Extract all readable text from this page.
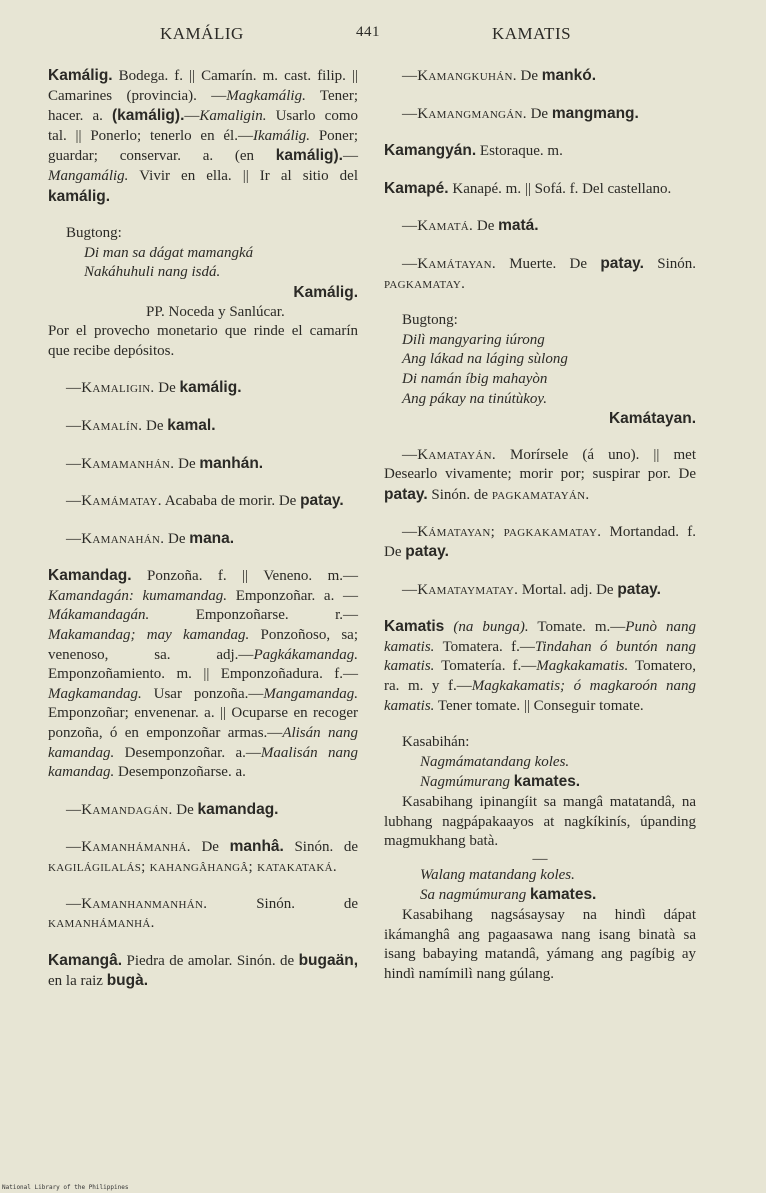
KAMÁLIG	441	KAMATIS

Kamálig. Bodega. f. || Camarín. m. cast. filip. || Camarines (provincia). —Magkamálig. Tener; hacer. a. (kamálig).—Kamaligin. Usarlo como tal. || Ponerlo; tenerlo en él.—Ikamálig. Poner; guardar; conservar. a. (en kamálig).—Mangamálig. Vivir en ella. || Ir al sitio del kamálig.

Bugtong:
Di man sa dágat mamangká
Nakáhuhuli nang isdá.
Kamálig.
PP. Noceda y Sanlúcar.

Por el provecho monetario que rinde el camarín que recibe depósitos.

—Kamaligin. De kamálig.

—Kamalín. De kamal.

—Kamamanhán. De manhán.

—Kamámatay. Acababa de morir. De patay.

—Kamanahán. De mana.

Kamandag. Ponzoña. f. || Veneno. m.—Kamandagán: kumamandag. Emponzoñar. a. — Mákamandagán. Emponzoñarse. r.—Makamandag; may kamandag. Ponzoñoso, sa; venenoso, sa. adj.—Pagkákamandag. Emponzoñamiento. m. || Emponzoñadura. f.—Magkamandag. Usar ponzoña.—Mangamandag. Emponzoñar; envenenar. a. || Ocuparse en recoger ponzoña, ó en emponzoñar armas.—Alisán nang kamandag. Desemponzoñar. a.—Maalisán nang kamandag. Desemponzoñarse. a.

—Kamandagán. De kamandag.

—Kamanhámanhá. De manhâ. Sinón. de kagilágilalás; kahangâhangâ; katakataká.

—Kamanhanmanhán. Sinón. de kamanhámanhá.

Kamangâ. Piedra de amolar. Sinón. de bugaän, en la raiz bugà.

—Kamangkuhán. De mankó.

—Kamangmangán. De mangmang.

Kamangyán. Estoraque. m.

Kamapé. Kanapé. m. || Sofá. f. Del castellano.

—Kamatá. De matá.

—Kamátayan. Muerte. De patay. Sinón. pagkamatay.

Bugtong:
Dilì mangyaring iúrong
Ang lákad na láging sùlong
Di namán íbig mahayòn
Ang pákay na tinútùkoy.
Kamátayan.

—Kamatayán. Morírsele (á uno). || met Desearlo vivamente; morir por; suspirar por. De patay. Sinón. de pagkamatayán.

—Kámatayan; pagkakamatay. Mortandad. f. De patay.

—Kamataymatay. Mortal. adj. De patay.

Kamatis (na bunga). Tomate. m.—Punò nang kamatis. Tomatera. f.—Tindahan ó buntón nang kamatis. Tomatería. f.—Magkakamatis. Tomatero, ra. m. y f.—Magkakamatis; ó magkaroón nang kamatis. Tener tomate. || Conseguir tomate.

Kasabihán:
Nagmámatandang koles.
Nagmúmurang kamates.

Kasabihang ipinangíit sa mangâ matatandâ, na lubhang nagpápakaayos at nagkíkinís, úpanding magmukhang batà.

—
Walang matandang koles.
Sa nagmúmurang kamates.

Kasabihang nagsásaysay na hindì dápat ikámanghâ ang pagaasawa nang isang binatà sa isang babaying matandâ, yámang ang pagíbig ay hindì namímilì nang gúlang.

National Library of the Philippines
